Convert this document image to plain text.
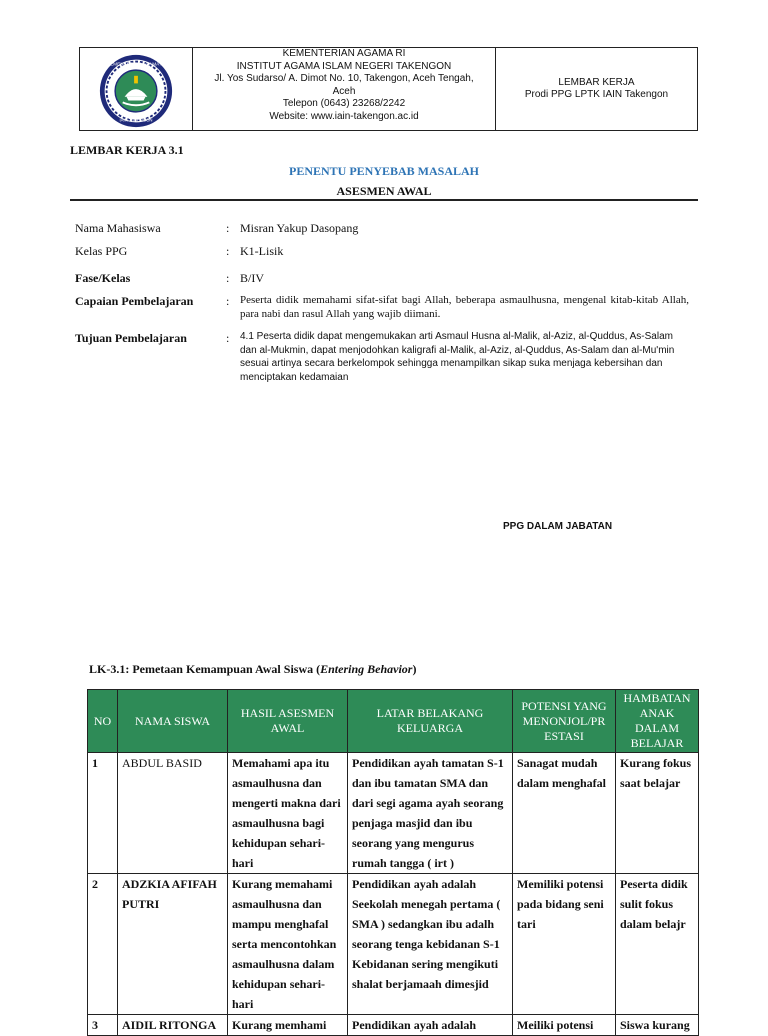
KEMENTERIAN AGAMA RI
IAIN TAKENGON
KEMENTERIAN AGAMA RI
INSTITUT AGAMA ISLAM NEGERI TAKENGON
Jl. Yos Sudarso/ A. Dimot No. 10, Takengon, Aceh Tengah,
Aceh
Telepon (0643) 23268/2242
Website: www.iain-takengon.ac.id
LEMBAR KERJA
Prodi PPG LPTK IAIN Takengon
LEMBAR KERJA 3.1
PENENTU PENYEBAB MASALAH
ASESMEN AWAL
Nama Mahasiswa	: Misran Yakup Dasopang
Kelas PPG	: K1-Lisik
Fase/Kelas	: B/IV
Capaian Pembelajaran	: Peserta didik memahami sifat-sifat bagi Allah, beberapa asmaulhusna, mengenal kitab-kitab Allah, para nabi dan rasul Allah yang wajib diimani.
Tujuan Pembelajaran	: 4.1 Peserta didik dapat mengemukakan arti Asmaul Husna al-Malik, al-Aziz, al-Quddus, As-Salam dan al-Mukmin, dapat menjodohkan kaligrafi al-Malik, al-Aziz, al-Quddus, As-Salam dan al-Mu'min sesuai artinya secara berkelompok sehingga menampilkan sikap suka menjaga kebersihan dan menciptakan kedamaian
PPG DALAM JABATAN
LK-3.1: Pemetaan Kemampuan Awal Siswa (Entering Behavior)
NO	NAMA SISWA	HASIL ASESMEN AWAL	LATAR BELAKANG KELUARGA	POTENSI YANG MENONJOL/PR ESTASI	HAMBATAN ANAK DALAM BELAJAR
1	ABDUL BASID	Memahami apa itu asmaulhusna dan mengerti makna dari asmaulhusna bagi kehidupan sehari-hari	Pendidikan ayah tamatan S-1 dan ibu tamatan SMA dan dari segi agama ayah seorang penjaga masjid dan ibu seorang yang mengurus rumah tangga ( irt )	Sanagat mudah dalam menghafal	Kurang fokus saat belajar
2	ADZKIA AFIFAH PUTRI	Kurang memahami asmaulhusna dan mampu menghafal serta mencontohkan asmaulhusna dalam kehidupan sehari-hari	Pendidikan ayah adalah Seekolah menegah pertama ( SMA ) sedangkan ibu adalh seorang tenga kebidanan S-1 Kebidanan sering mengikuti shalat berjamaah dimesjid	Memiliki potensi pada bidang seni tari	Peserta didik sulit fokus dalam belajr
3	AIDIL RITONGA	Kurang memhami	Pendidikan ayah adalah	Meiliki potensi	Siswa kurang
